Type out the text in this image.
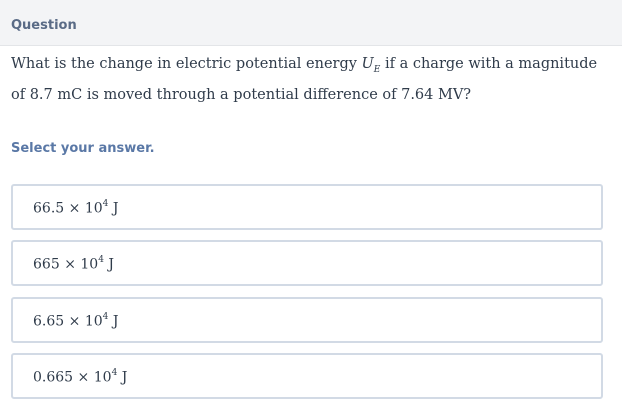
Question
What is the change in electric potential energy $U_E$ if a charge with a magnitude of 8.7 mC is moved through a potential difference of 7.64 MV?
Select your answer.
$66.5 \times 10^4$ J
$665 \times 10^4$ J
$6.65 \times 10^4$ J
$0.665 \times 10^4$ J
